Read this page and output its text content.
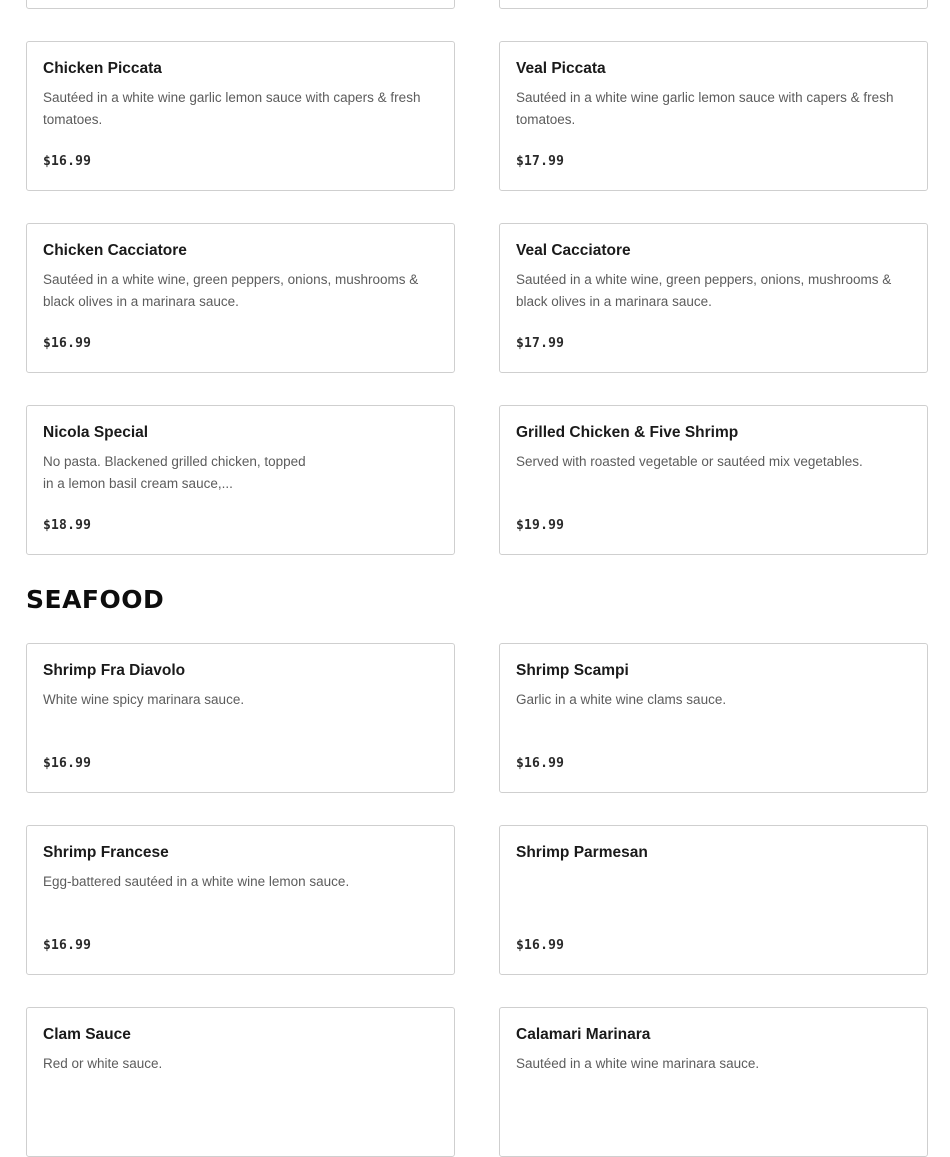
Chicken Piccata
Sautéed in a white wine garlic lemon sauce with capers & fresh tomatoes.
$16.99
Veal Piccata
Sautéed in a white wine garlic lemon sauce with capers & fresh tomatoes.
$17.99
Chicken Cacciatore
Sautéed in a white wine, green peppers, onions, mushrooms & black olives in a marinara sauce.
$16.99
Veal Cacciatore
Sautéed in a white wine, green peppers, onions, mushrooms & black olives in a marinara sauce.
$17.99
Nicola Special
No pasta. Blackened grilled chicken, topped in a lemon basil cream sauce,...
$18.99
Grilled Chicken & Five Shrimp
Served with roasted vegetable or sautéed mix vegetables.
$19.99
SEAFOOD
Shrimp Fra Diavolo
White wine spicy marinara sauce.
$16.99
Shrimp Scampi
Garlic in a white wine clams sauce.
$16.99
Shrimp Francese
Egg-battered sautéed in a white wine lemon sauce.
$16.99
Shrimp Parmesan
$16.99
Clam Sauce
Red or white sauce.
Calamari Marinara
Sautéed in a white wine marinara sauce.
